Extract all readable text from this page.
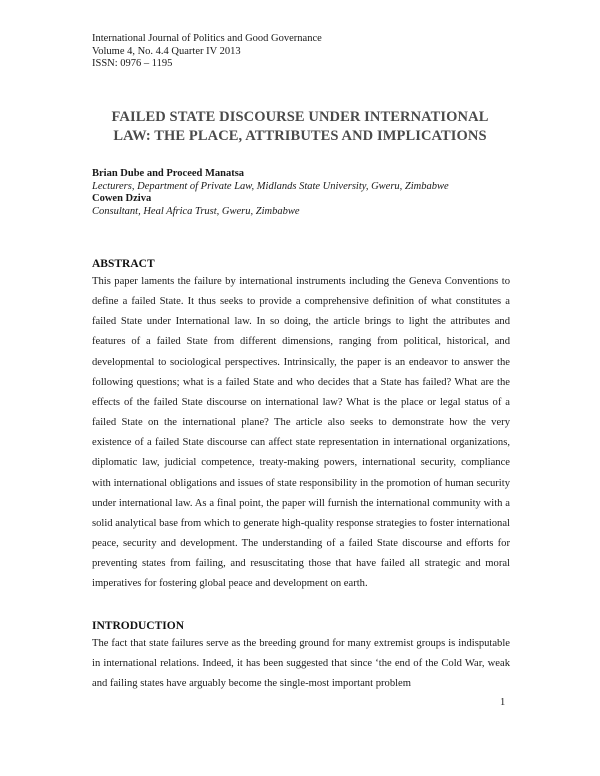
International Journal of Politics and Good Governance
Volume 4, No. 4.4 Quarter IV 2013
ISSN: 0976 – 1195
FAILED STATE DISCOURSE UNDER INTERNATIONAL
LAW: THE PLACE, ATTRIBUTES AND IMPLICATIONS
Brian Dube and Proceed Manatsa
Lecturers, Department of Private Law, Midlands State University, Gweru, Zimbabwe
Cowen Dziva
Consultant, Heal Africa Trust, Gweru, Zimbabwe
ABSTRACT
This paper laments the failure by international instruments including the Geneva Conventions to define a failed State. It thus seeks to provide a comprehensive definition of what constitutes a failed State under International law. In so doing, the article brings to light the attributes and features of a failed State from different dimensions, ranging from political, historical, and developmental to sociological perspectives. Intrinsically, the paper is an endeavor to answer the following questions; what is a failed State and who decides that a State has failed? What are the effects of the failed State discourse on international law? What is the place or legal status of a failed State on the international plane? The article also seeks to demonstrate how the very existence of a failed State discourse can affect state representation in international organizations, diplomatic law, judicial competence, treaty-making powers, international security, compliance with international obligations and issues of state responsibility in the promotion of human security under international law. As a final point, the paper will furnish the international community with a solid analytical base from which to generate high-quality response strategies to foster international peace, security and development. The understanding of a failed State discourse and efforts for preventing states from failing, and resuscitating those that have failed all strategic and moral imperatives for fostering global peace and development on earth.
INTRODUCTION
The fact that state failures serve as the breeding ground for many extremist groups is indisputable in international relations. Indeed, it has been suggested that since ‘the end of the Cold War, weak and failing states have arguably become the single-most important problem
1
